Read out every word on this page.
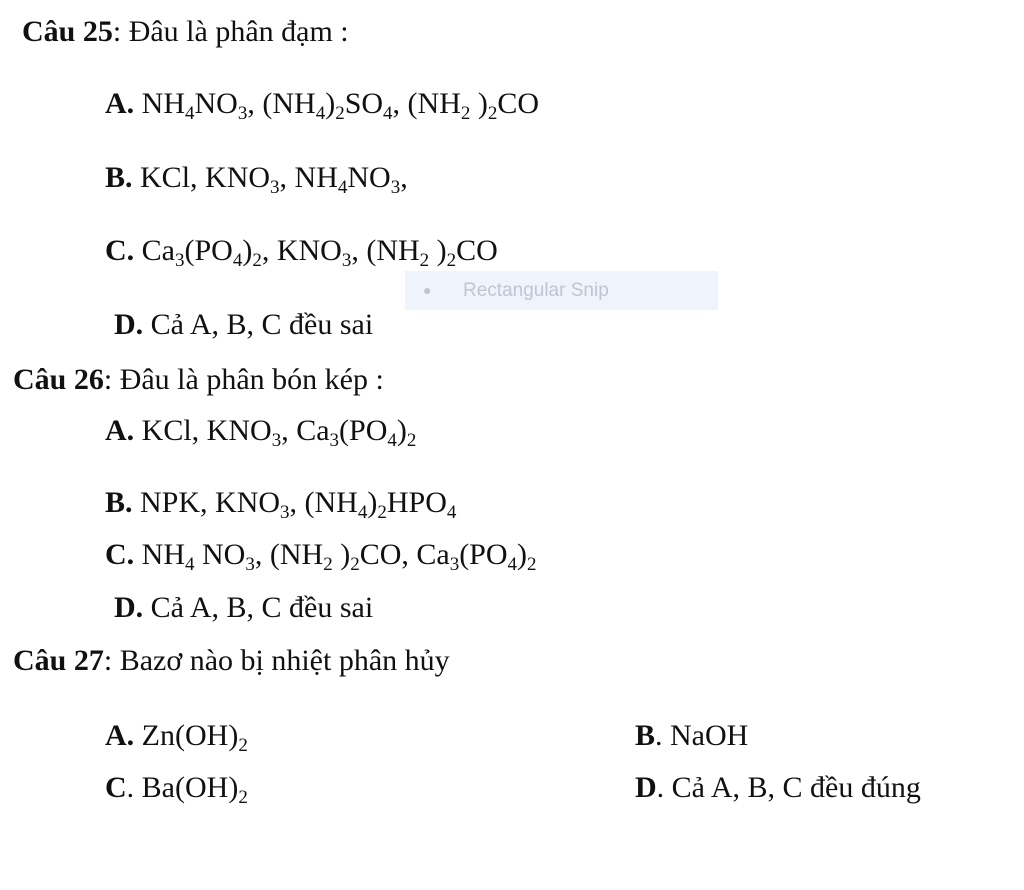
Câu 25: Đâu là phân đạm :
A. $NH_4NO_3$, $(NH_4)_2SO_4$, ($NH_2$ )$_2CO$
B. KCl, $KNO_3$, $NH_4NO_3$,
C. $Ca_3(PO_4)_2$, $KNO_3$, ($NH_2$ )$_2CO$
● Rectangular Snip
D. Cả A, B, C đều sai
Câu 26: Đâu là phân bón kép :
A. KCl, $KNO_3$, $Ca_3(PO_4)_2$
B. NPK, $KNO_3$, $(NH_4)_2HPO_4$
C. $NH_4$ $NO_3$, ($NH_2$ )$_2CO$, $Ca_3(PO_4)_2$
D. Cả A, B, C đều sai
Câu 27: Bazơ nào bị nhiệt phân hủy
A. $Zn(OH)_2$	B. NaOH
C. $Ba(OH)_2$	D. Cả A, B, C đều đúng
